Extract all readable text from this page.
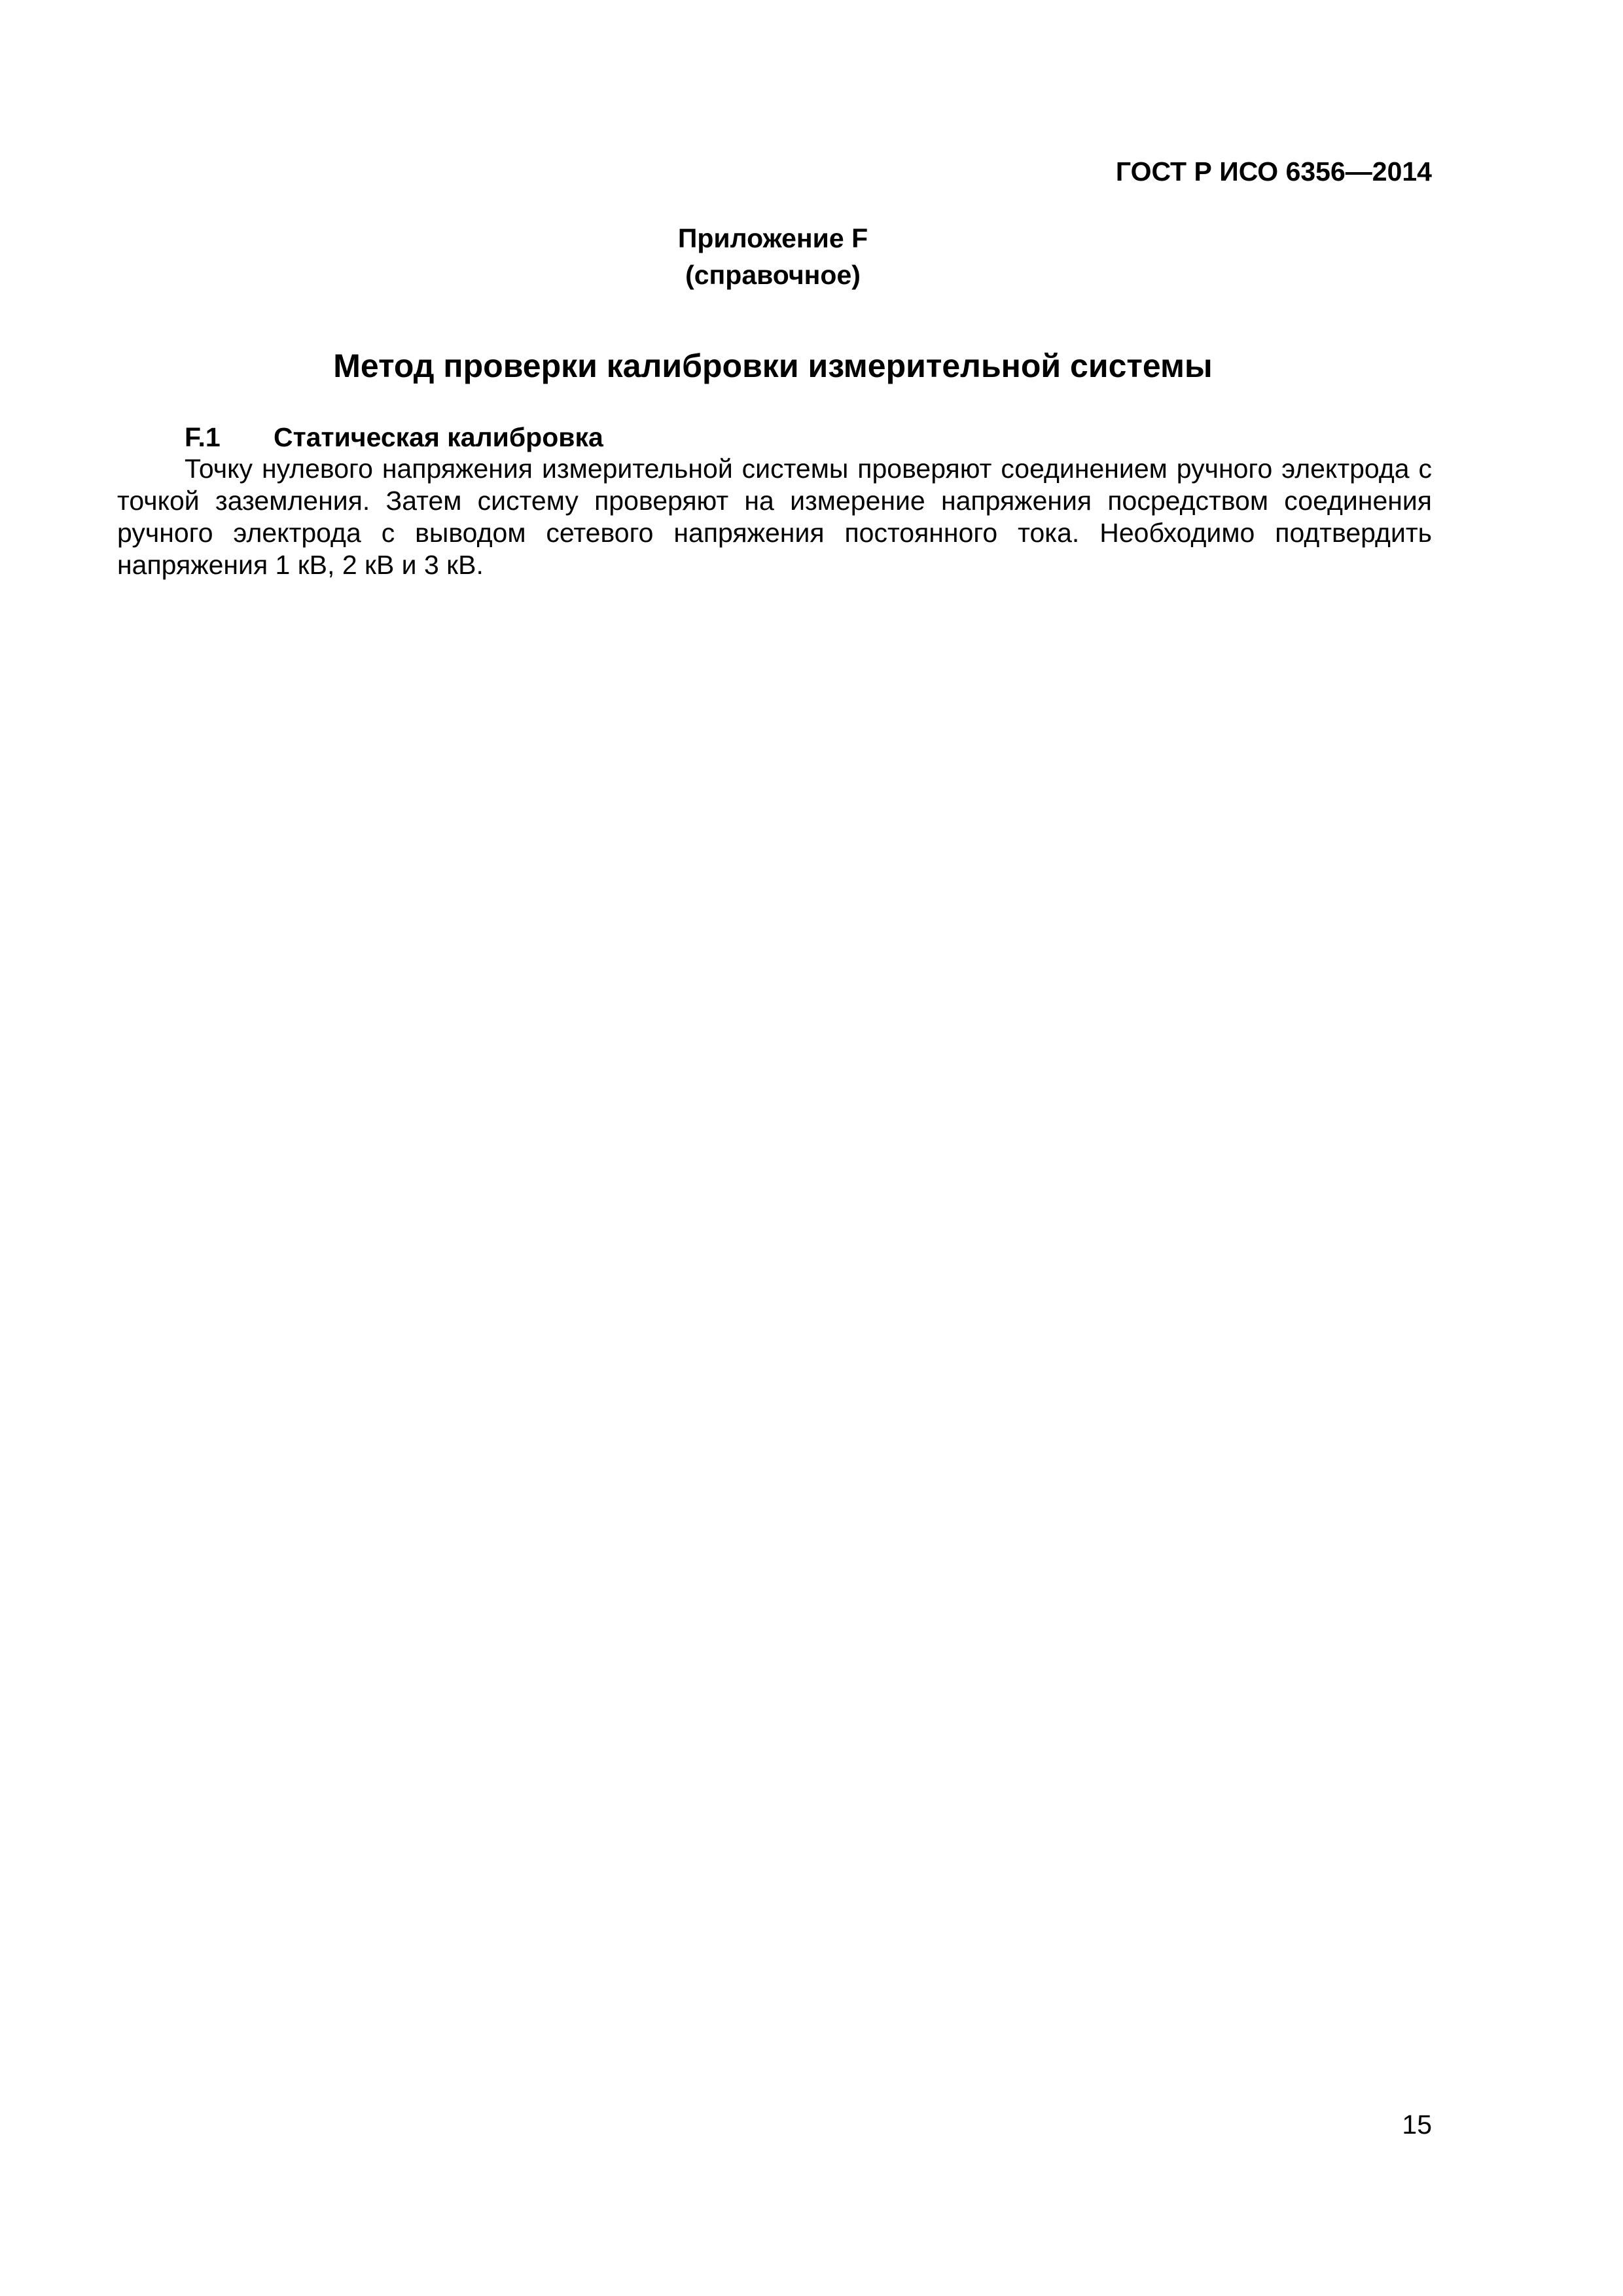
ГОСТ Р ИСО 6356—2014
Приложение F
(справочное)
Метод проверки калибровки измерительной системы
F.1 Статическая калибровка

Точку нулевого напряжения измерительной системы проверяют соединением ручного электрода с точкой заземления. Затем систему проверяют на измерение напряжения посредством соединения ручного электрода с выводом сетевого напряжения постоянного тока. Необходимо подтвердить напряжения 1 кВ, 2 кВ и 3 кВ.

15
